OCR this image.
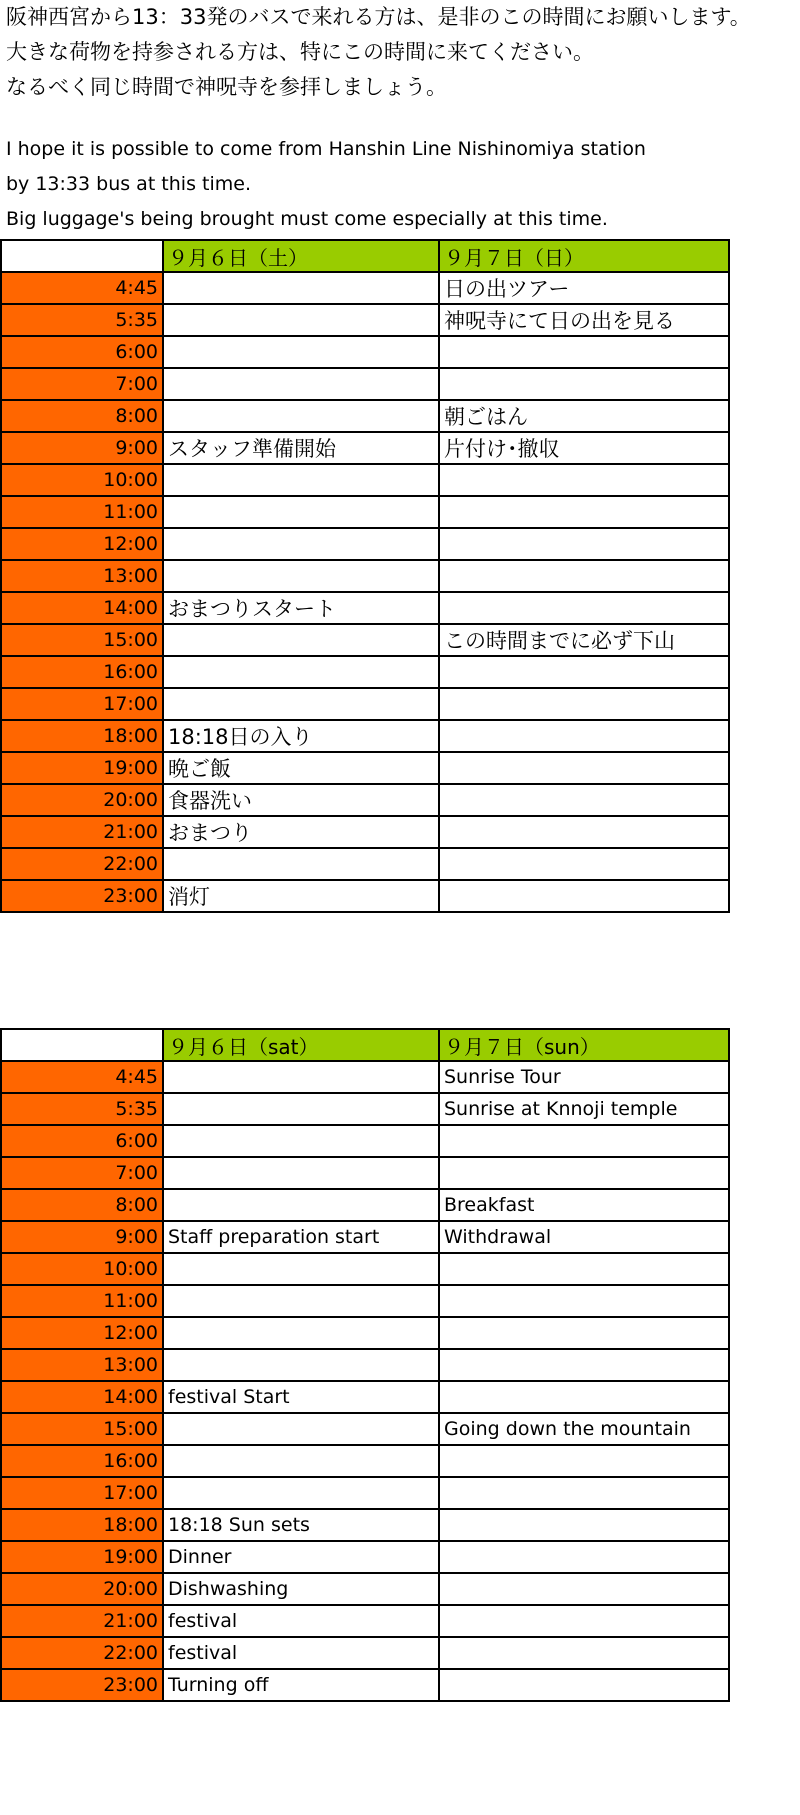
阪神西宮から13：33発のバスで来れる方は、是非のこの時間にお願いします。
大きな荷物を持参される方は、特にこの時間に来てください。
なるべく同じ時間で神呪寺を参拝しましょう。
I hope it is possible to come from Hanshin Line Nishinomiya station
by 13:33 bus at this time.
Big luggage's being brought must come especially at this time.
	９月６日（土）	９月７日（日）
4:45		日の出ツアー
5:35		神呪寺にて日の出を見る
6:00		
7:00		
8:00		朝ごはん
9:00	スタッフ準備開始	片付け･撤収
10:00		
11:00		
12:00		
13:00		
14:00	おまつりスタート	
15:00		この時間までに必ず下山
16:00		
17:00		
18:00	18:18日の入り	
19:00	晩ご飯	
20:00	食器洗い	
21:00	おまつり	
22:00		
23:00	消灯	
	９月６日（sat）	９月７日（sun）
4:45		Sunrise Tour
5:35		Sunrise at Knnoji temple
6:00		
7:00		
8:00		Breakfast
9:00	Staff preparation start	Withdrawal
10:00		
11:00		
12:00		
13:00		
14:00	festival Start	
15:00		Going down the mountain
16:00		
17:00		
18:00	18:18 Sun sets	
19:00	Dinner	
20:00	Dishwashing	
21:00	festival	
22:00	festival	
23:00	Turning off	
